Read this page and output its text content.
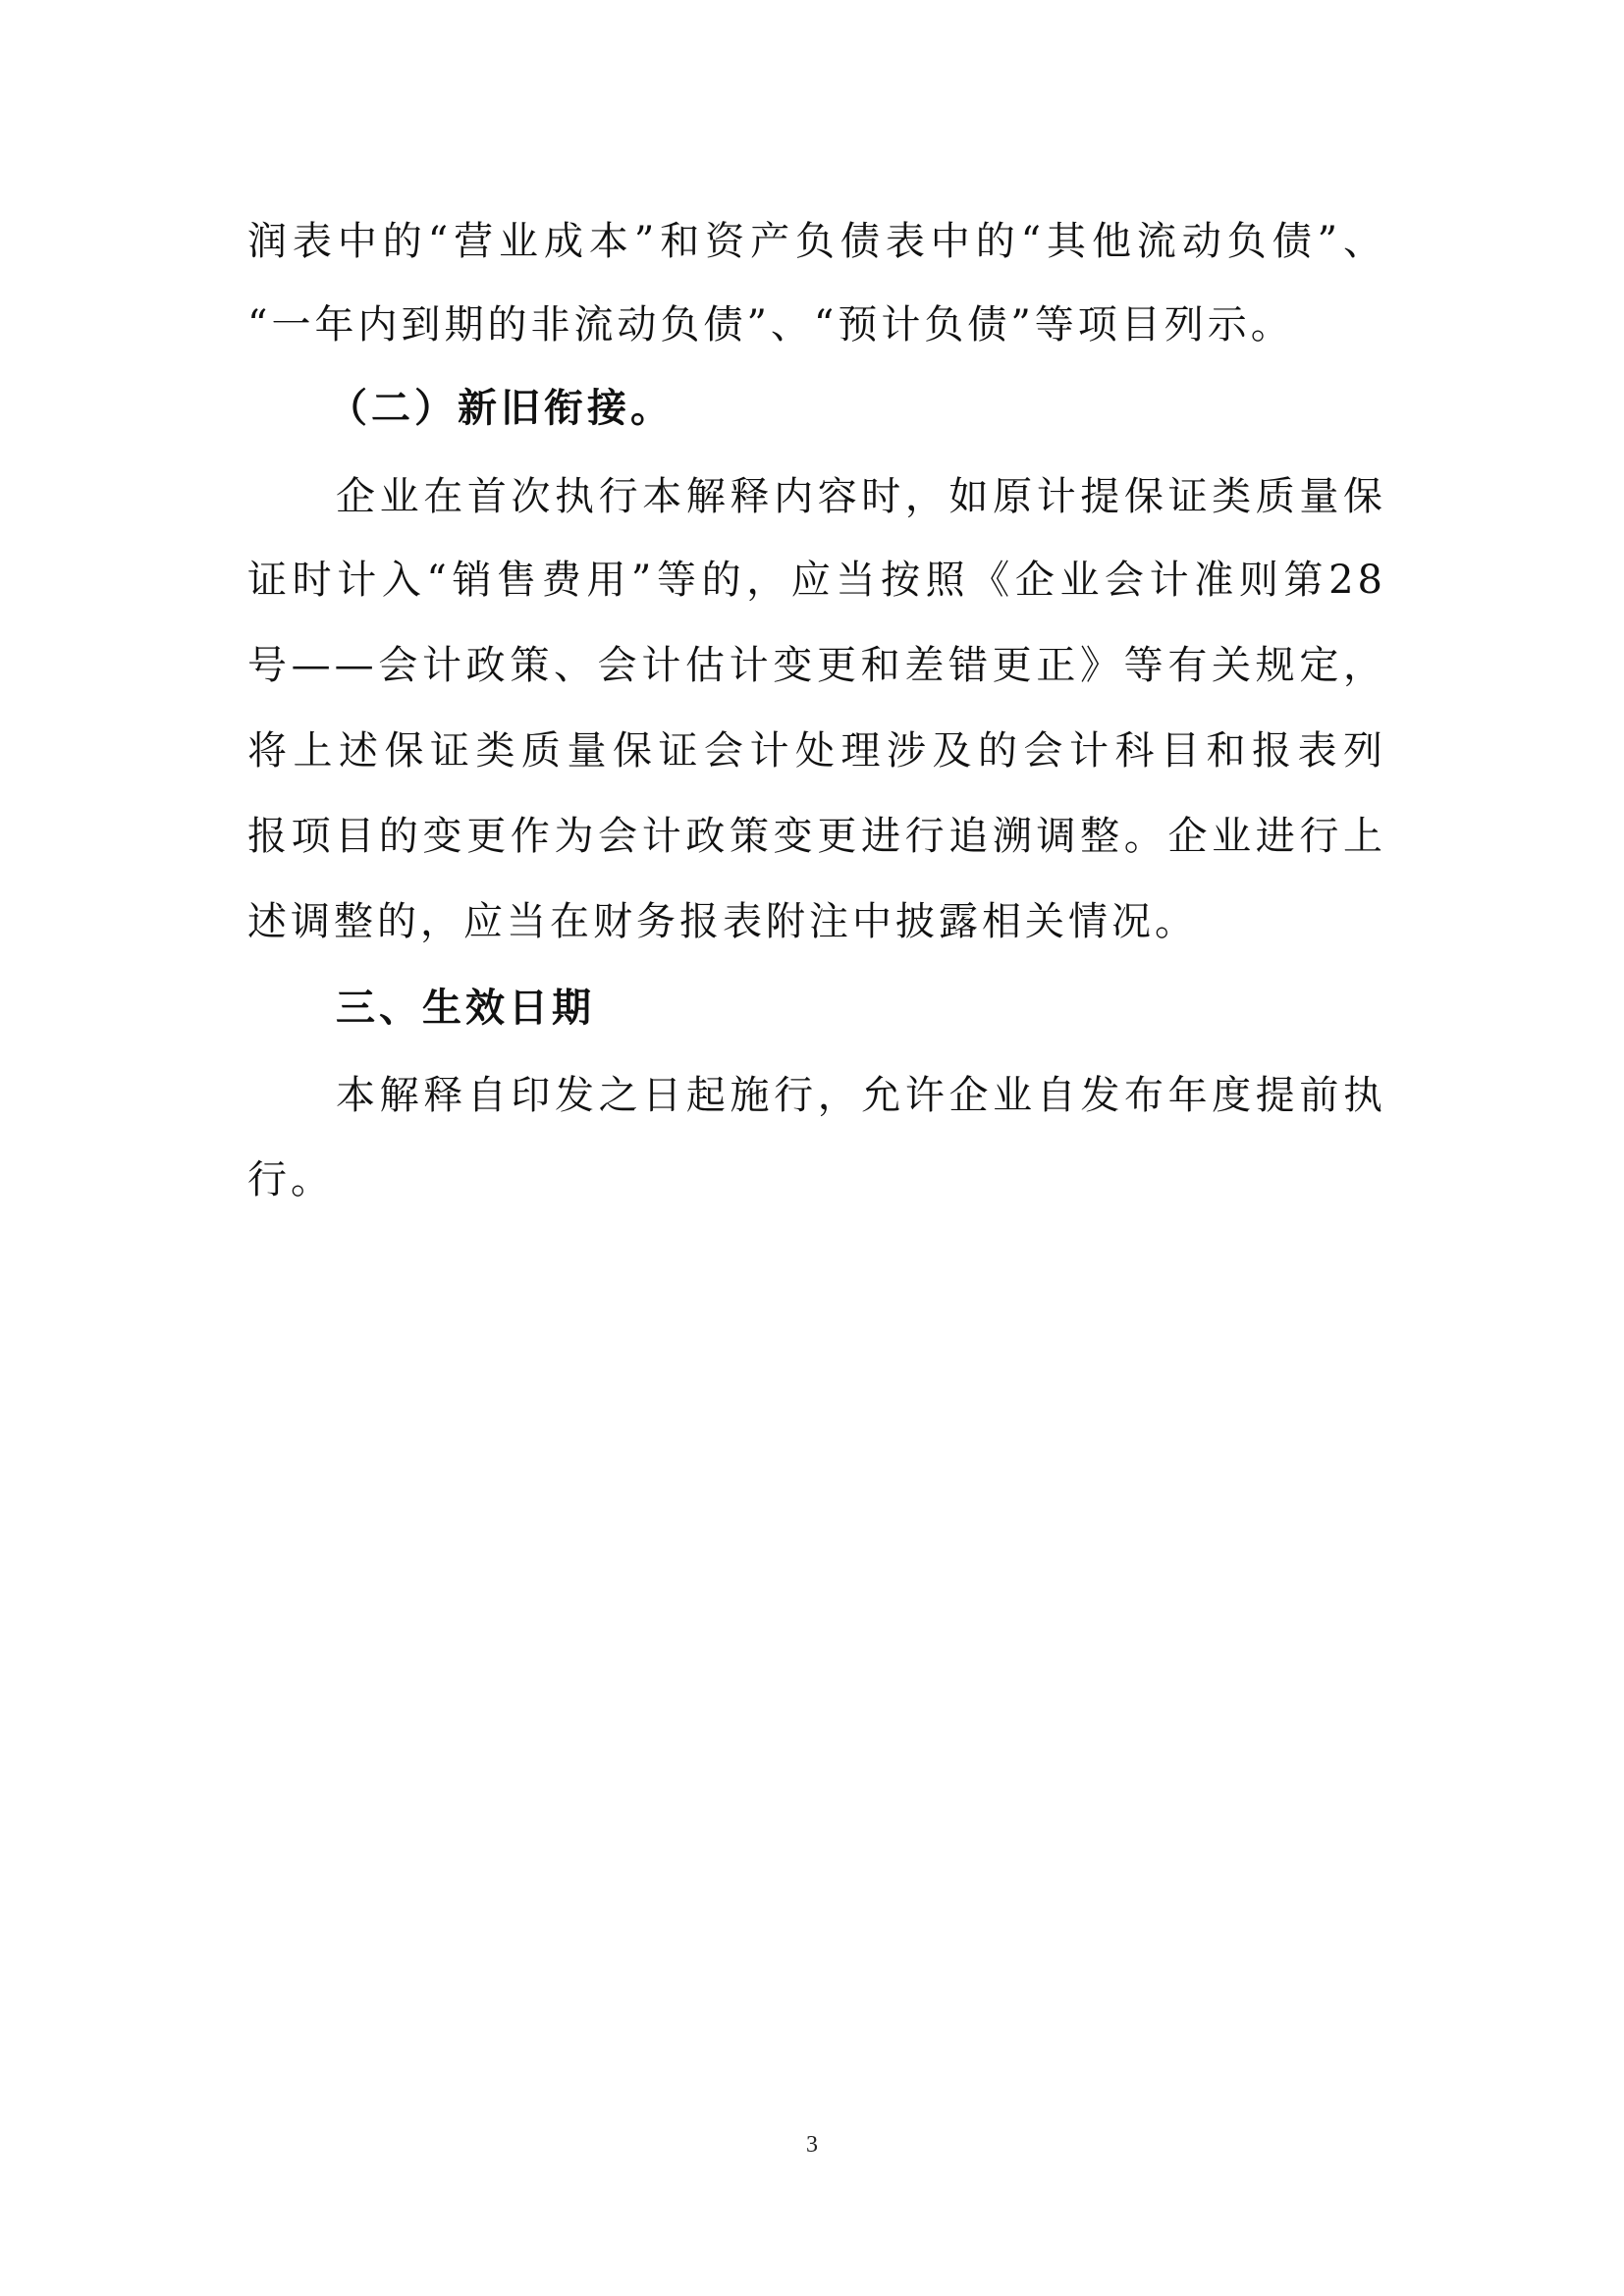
润表中的“营业成本”和资产负债表中的“其他流动负债”、
“一年内到期的非流动负债”、“预计负债”等项目列示。
（二）新旧衔接。
企业在首次执行本解释内容时，如原计提保证类质量保
证时计入“销售费用”等的，应当按照《企业会计准则第28
号——会计政策、会计估计变更和差错更正》等有关规定，
将上述保证类质量保证会计处理涉及的会计科目和报表列
报项目的变更作为会计政策变更进行追溯调整。企业进行上
述调整的，应当在财务报表附注中披露相关情况。
三、生效日期
本解释自印发之日起施行，允许企业自发布年度提前执
行。
3
